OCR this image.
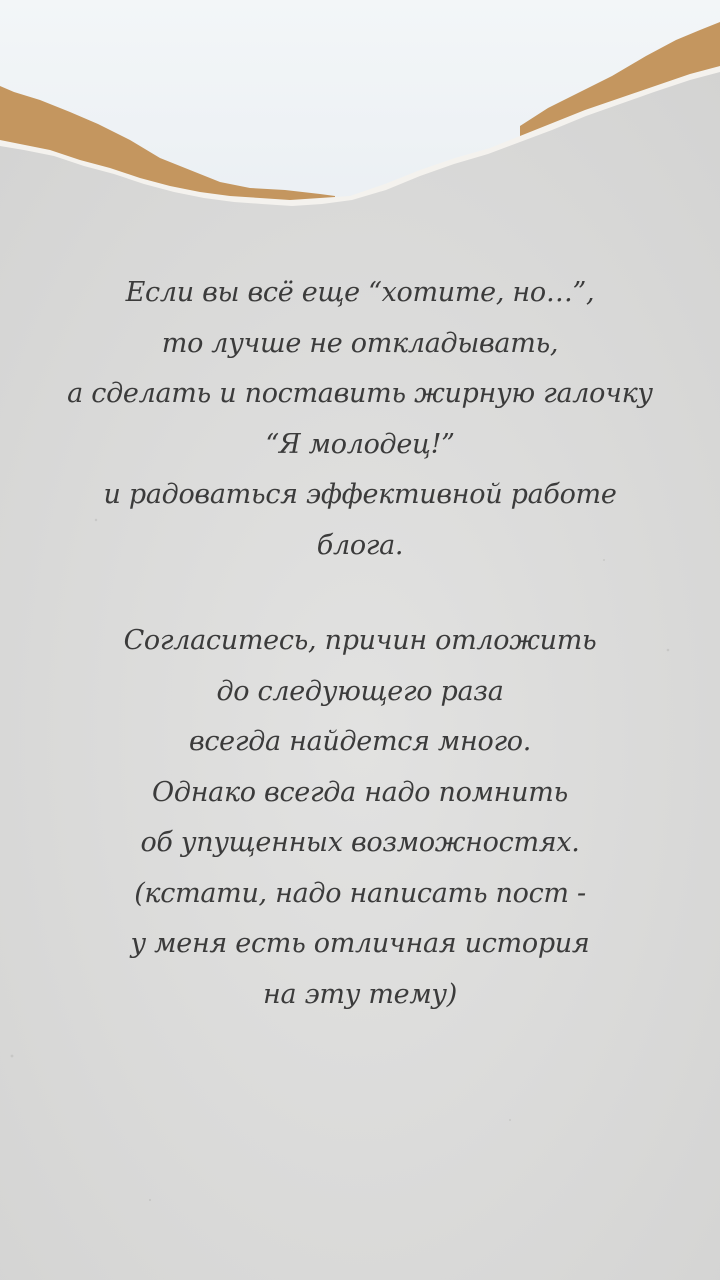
Если вы всё еще “хотите, но…”,
то лучше не откладывать,
а сделать и поставить жирную галочку
“Я молодец!”
и радоваться эффективной работе
блога.

Согласитесь, причин отложить
до следующего раза
всегда найдется много.
Однако всегда надо помнить
об упущенных возможностях.
(кстати, надо написать пост -
у меня есть отличная история
на эту тему)
